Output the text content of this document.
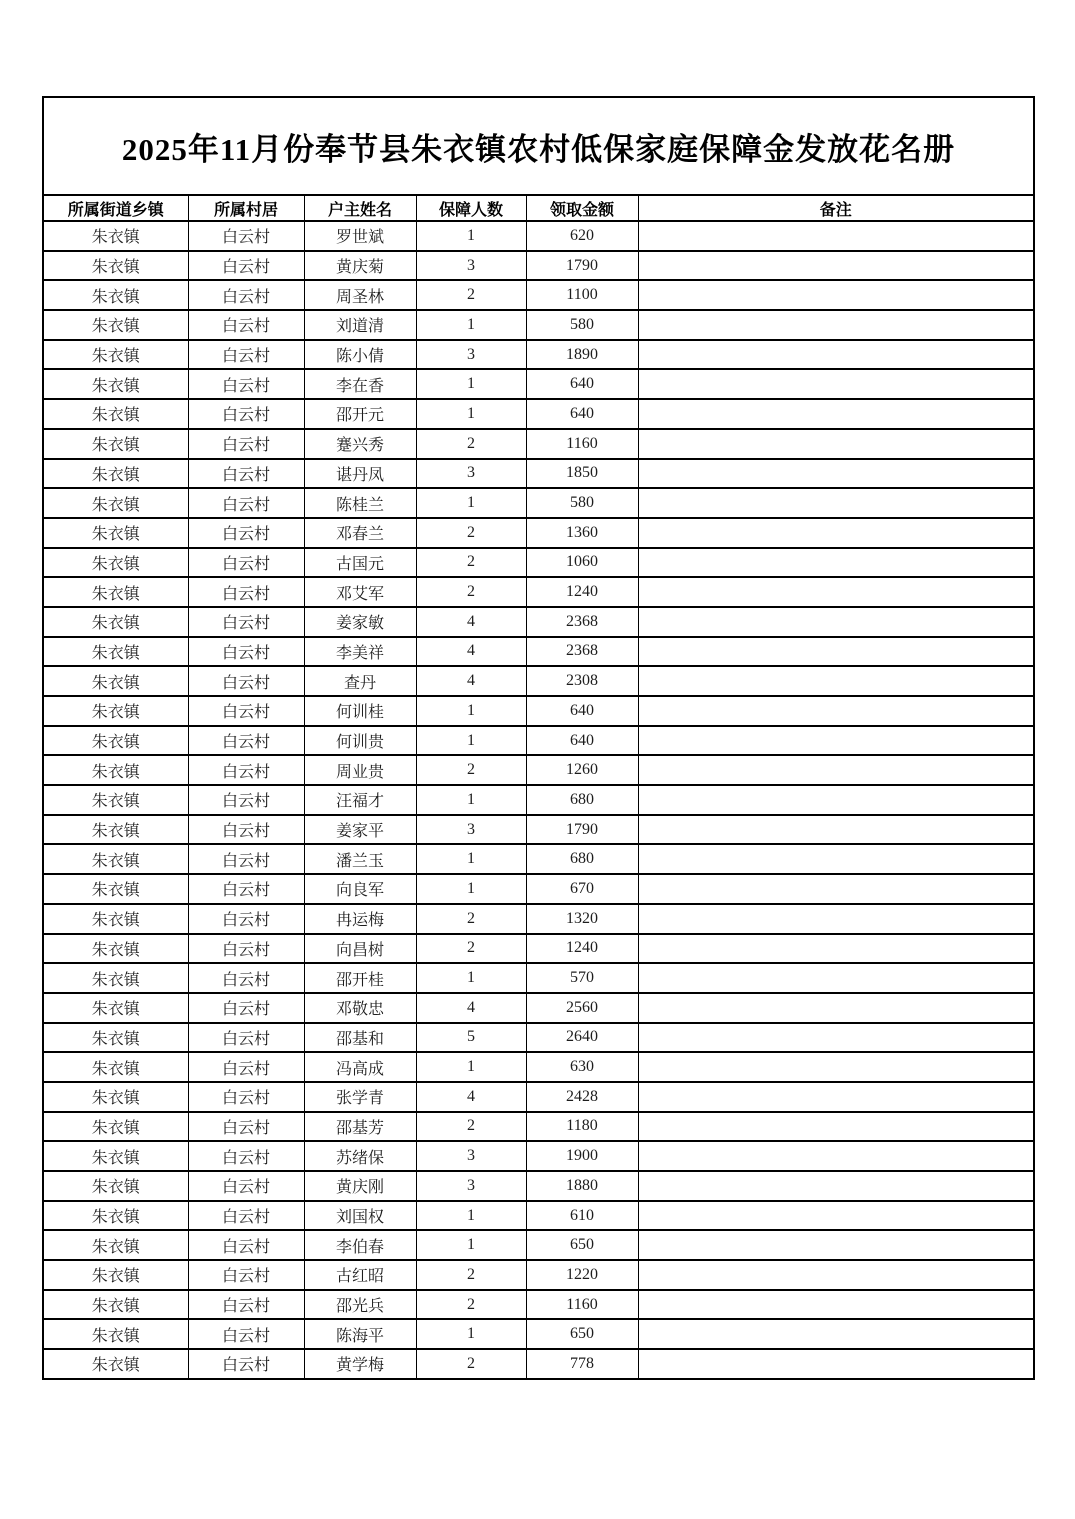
2025年11月份奉节县朱衣镇农村低保家庭保障金发放花名册					
所属街道乡镇	所属村居	户主姓名	保障人数	领取金额	备注
朱衣镇	白云村	罗世斌	1	620	
朱衣镇	白云村	黄庆菊	3	1790	
朱衣镇	白云村	周圣林	2	1100	
朱衣镇	白云村	刘道清	1	580	
朱衣镇	白云村	陈小倩	3	1890	
朱衣镇	白云村	李在香	1	640	
朱衣镇	白云村	邵开元	1	640	
朱衣镇	白云村	蹇兴秀	2	1160	
朱衣镇	白云村	谌丹凤	3	1850	
朱衣镇	白云村	陈桂兰	1	580	
朱衣镇	白云村	邓春兰	2	1360	
朱衣镇	白云村	古国元	2	1060	
朱衣镇	白云村	邓艾军	2	1240	
朱衣镇	白云村	姜家敏	4	2368	
朱衣镇	白云村	李美祥	4	2368	
朱衣镇	白云村	查丹	4	2308	
朱衣镇	白云村	何训桂	1	640	
朱衣镇	白云村	何训贵	1	640	
朱衣镇	白云村	周业贵	2	1260	
朱衣镇	白云村	汪福才	1	680	
朱衣镇	白云村	姜家平	3	1790	
朱衣镇	白云村	潘兰玉	1	680	
朱衣镇	白云村	向良军	1	670	
朱衣镇	白云村	冉运梅	2	1320	
朱衣镇	白云村	向昌树	2	1240	
朱衣镇	白云村	邵开桂	1	570	
朱衣镇	白云村	邓敬忠	4	2560	
朱衣镇	白云村	邵基和	5	2640	
朱衣镇	白云村	冯高成	1	630	
朱衣镇	白云村	张学青	4	2428	
朱衣镇	白云村	邵基芳	2	1180	
朱衣镇	白云村	苏绪保	3	1900	
朱衣镇	白云村	黄庆刚	3	1880	
朱衣镇	白云村	刘国权	1	610	
朱衣镇	白云村	李伯春	1	650	
朱衣镇	白云村	古红昭	2	1220	
朱衣镇	白云村	邵光兵	2	1160	
朱衣镇	白云村	陈海平	1	650	
朱衣镇	白云村	黄学梅	2	778	
